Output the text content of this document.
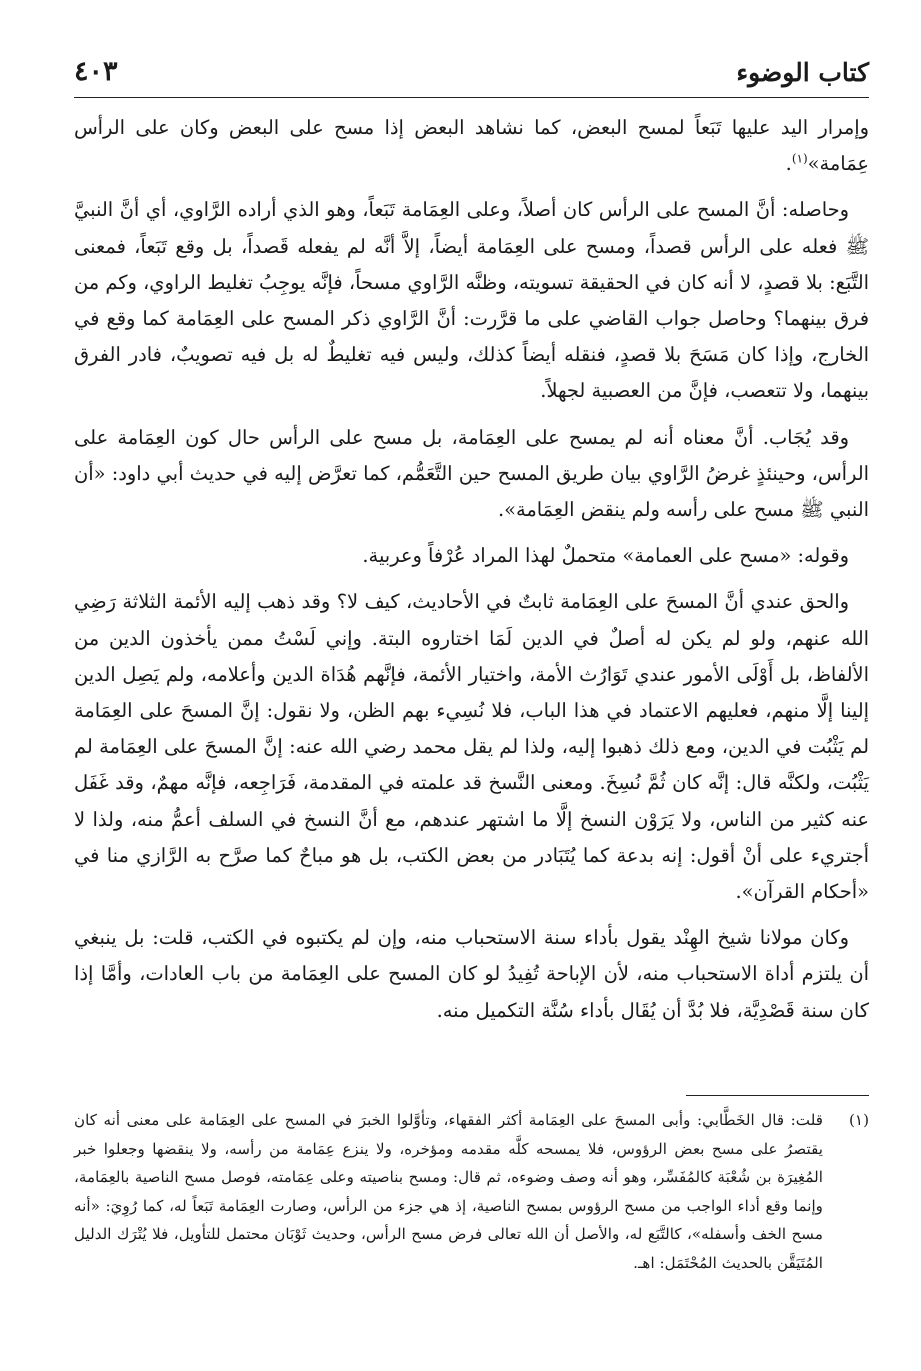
كتاب الوضوء
٤٠٣

وإمرار اليد عليها تَبَعاً لمسح البعض، كما نشاهد البعض إذا مسح على البعض وكان على الرأس عِمَامة»$^{(١)}$.

وحاصله: أنَّ المسح على الرأس كان أصلاً، وعلى العِمَامة تَبَعاً، وهو الذي أراده الرَّاوي، أي أنَّ النبيَّ ﷺ فعله على الرأس قصداً، ومسح على العِمَامة أيضاً، إلاَّ أنَّه لم يفعله قَصداً، بل وقع تَبَعاً، فمعنى التَّبَع: بلا قصدٍ، لا أنه كان في الحقيقة تسويته، وظنَّه الرَّاوي مسحاً، فإنَّه يوجِبُ تغليط الراوي، وكم من فرق بينهما؟ وحاصل جواب القاضي على ما قرَّرت: أنَّ الرَّاوي ذكر المسح على العِمَامة كما وقع في الخارج، وإذا كان مَسَحَ بلا قصدٍ، فنقله أيضاً كذلك، وليس فيه تغليطٌ له بل فيه تصويبٌ، فادر الفرق بينهما، ولا تتعصب، فإنَّ من العصبية لجهلاً.

وقد يُجَاب. أنَّ معناه أنه لم يمسح على العِمَامة، بل مسح على الرأس حال كون العِمَامة على الرأس، وحينئذٍ غرضُ الرَّاوي بيان طريق المسح حين التَّعَمُّم، كما تعرَّض إليه في حديث أبي داود: «أن النبي ﷺ مسح على رأسه ولم ينقض العِمَامة».

وقوله: «مسح على العمامة» متحملٌ لهذا المراد عُرْفاً وعربية.

والحق عندي أنَّ المسحَ على العِمَامة ثابتٌ في الأحاديث، كيف لا؟ وقد ذهب إليه الأئمة الثلاثة رَضِي الله عنهم، ولو لم يكن له أصلٌ في الدين لَمَا اختاروه البتة. وإني لَسْتُ ممن يأخذون الدين من الألفاظ، بل أَوْلَى الأمور عندي تَوَارُث الأمة، واختيار الأئمة، فإنَّهم هُدَاة الدين وأعلامه، ولم يَصِل الدين إلينا إلَّا منهم، فعليهم الاعتماد في هذا الباب، فلا نُسِيء بهم الظن، ولا نقول: إنَّ المسحَ على العِمَامة لم يَثْبُت في الدين، ومع ذلك ذهبوا إليه، ولذا لم يقل محمد رضي الله عنه: إنَّ المسحَ على العِمَامة لم يَثْبُت، ولكنَّه قال: إنَّه كان ثُمَّ نُسِخَ. ومعنى النَّسخ قد علمته في المقدمة، فَرَاجِعه، فإنَّه مهمٌ، وقد غَفَل عنه كثير من الناس، ولا يَرَوْن النسخ إلَّا ما اشتهر عندهم، مع أنَّ النسخ في السلف أعمُّ منه، ولذا لا أجتريء على أنْ أقول: إنه بدعة كما يُتَبَادر من بعض الكتب، بل هو مباحٌ كما صرَّح به الرَّازي منا في «أحكام القرآن».

وكان مولانا شيخ الهِنْد يقول بأداء سنة الاستحباب منه، وإن لم يكتبوه في الكتب، قلت: بل ينبغي أن يلتزم أداة الاستحباب منه، لأن الإباحة تُفِيدُ لو كان المسح على العِمَامة من باب العادات، وأمَّا إذا كان سنة قَصْدِيَّة، فلا بُدَّ أن يُقَال بأداء سُنَّة التكميل منه.

(١)
قلت: قال الخَطَّابي: وأبى المسحَ على العِمَامة أكثر الفقهاء، وتأوَّلوا الخبرَ في المسح على العِمَامة على معنى أنه كان يقتصرُ على مسح بعض الرؤوس، فلا يمسحه كلَّه مقدمه ومؤخره، ولا ينزع عِمَامة من رأسه، ولا ينقضها وجعلوا خبر المُغِيرَة بن شُعْبَة كالمُفَسِّر، وهو أنه وصف وضوءه، ثم قال: ومسح بناصيته وعلى عِمَامته، فوصل مسح الناصية بالعِمَامة، وإنما وقع أداء الواجب من مسح الرؤوس بمسح الناصية، إذ هي جزء من الرأس، وصارت العِمَامة تَبَعاً له، كما رُوِيَ: «أنه مسح الخف وأسفله»، كالتَّبَع له، والأصل أن الله تعالى فرض مسح الرأس، وحديث ثَوْبَان محتمل للتأويل، فلا يُتْرَك الدليل المُتَيَقَّن بالحديث المُحْتَمَل: اهـ.
